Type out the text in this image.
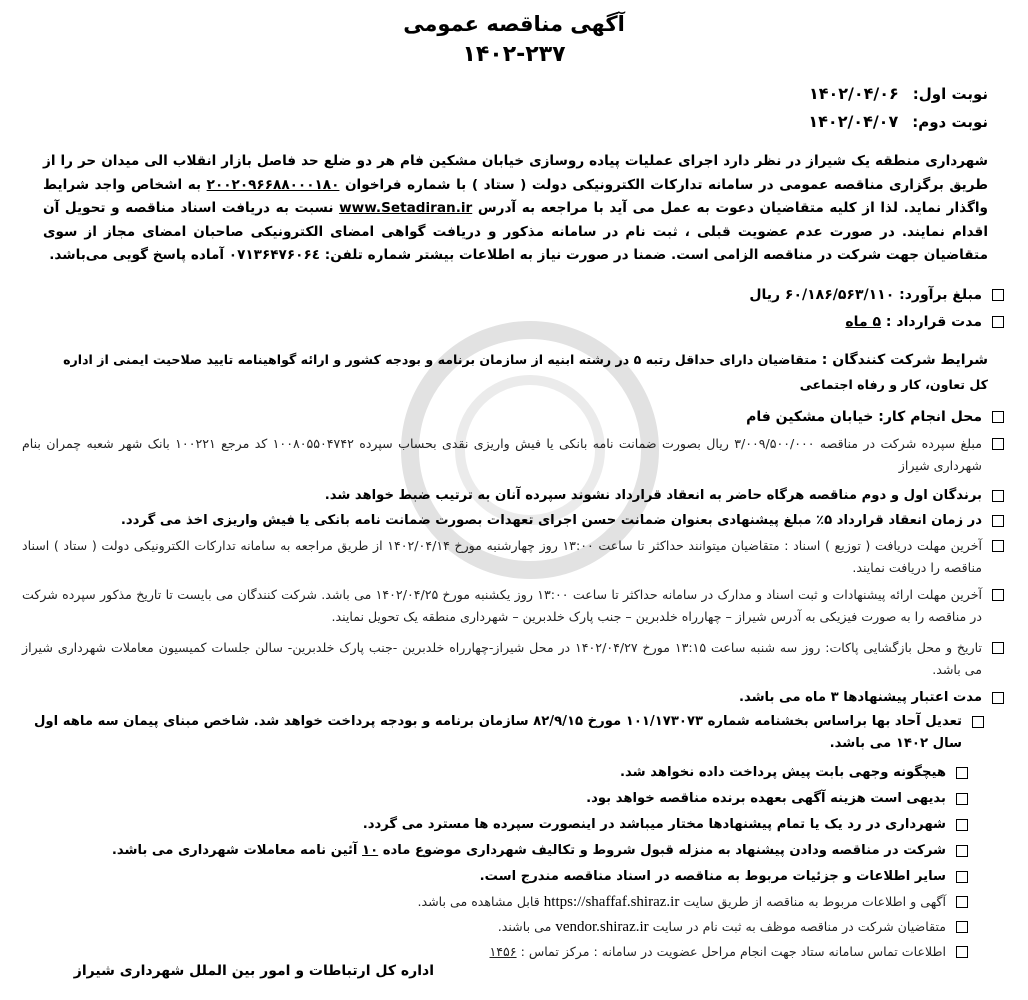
آگهی مناقصه عمومی
۱۴۰۲-۲۳۷
نوبت اول:۱۴۰۲/۰۴/۰۶
نوبت دوم:۱۴۰۲/۰۴/۰۷
شهرداری منطقه یک شیراز در نظر دارد اجرای عملیات پیاده روسازی خیابان مشکین فام هر دو ضلع حد فاصل بازار انقلاب الی میدان حر را از طریق برگزاری مناقصه عمومی در سامانه تدارکات الکترونیکی دولت ( ستاد ) با شماره فراخوان ۲۰۰۲۰۹۶۶۸۸۰۰۰۱۸۰ به اشخاص واجد شرایط واگذار نماید. لذا از کلیه متقاضیان دعوت به عمل می آید با مراجعه به آدرس www.Setadiran.ir نسبت به دریافت اسناد مناقصه و تحویل آن اقدام نمایند. در صورت عدم عضویت قبلی ، ثبت نام در سامانه مذکور و دریافت گواهی امضای الکترونیکی صاحبان امضای مجاز از سوی متقاضیان جهت شرکت در مناقصه الزامی است. ضمنا در صورت نیاز به اطلاعات بیشتر شماره تلفن: ۰۷۱۳۶۴۷۶۰۶٤ آماده پاسخ گویی می‌باشد.
مبلغ برآورد: ۶۰/۱۸۶/۵۶۳/۱۱۰ ریال
مدت قرارداد : ۵ ماه
شرایط شرکت کنندگان : متقاضیان دارای حداقل رتبه ۵ در رشته ابنیه از سازمان برنامه و بودجه کشور و ارائه گواهینامه تایید صلاحیت ایمنی از اداره کل تعاون، کار و رفاه اجتماعی
محل انجام کار: خیابان مشکین فام
مبلغ سپرده شرکت در مناقصه ۳/۰۰۹/۵۰۰/۰۰۰ ریال بصورت ضمانت نامه بانکی یا فیش واریزی نقدی بحساب سپرده ۱۰۰۸۰۵۵۰۴۷۴۲ کد مرجع ۱۰۰۲۲۱ بانک شهر شعبه چمران بنام شهرداری شیراز
برندگان اول و دوم مناقصه هرگاه حاضر به انعقاد قرارداد نشوند سپرده آنان به ترتیب ضبط خواهد شد.
در زمان انعقاد قرارداد ۵٪ مبلغ پیشنهادی بعنوان ضمانت حسن اجرای تعهدات بصورت ضمانت نامه بانکی یا فیش واریزی اخذ می گردد.
آخرین مهلت دریافت ( توزیع ) اسناد : متقاضیان میتوانند حداکثر تا ساعت ۱۳:۰۰ روز چهارشنبه مورخ ۱۴۰۲/۰۴/۱۴ از طریق مراجعه به سامانه تدارکات الکترونیکی دولت ( ستاد ) اسناد مناقصه را دریافت نمایند.
آخرین مهلت ارائه پیشنهادات و ثبت اسناد و مدارک در سامانه حداکثر تا ساعت ۱۳:۰۰ روز یکشنبه مورخ ۱۴۰۲/۰۴/۲۵ می باشد. شرکت کنندگان می بایست تا تاریخ مذکور سپرده شرکت در مناقصه را به صورت فیزیکی به آدرس شیراز – چهارراه خلدبرین – جنب پارک خلدبرین – شهرداری منطقه یک تحویل نمایند.
تاریخ و محل بازگشایی پاکات: روز سه شنبه ساعت ۱۳:۱۵ مورخ ۱۴۰۲/۰۴/۲۷ در محل شیراز-چهارراه خلدبرین -جنب پارک خلدبرین- سالن جلسات کمیسیون معاملات شهرداری شیراز می باشد.
مدت اعتبار پیشنهادها ۳ ماه می باشد.
تعدیل آحاد بها براساس بخشنامه شماره ۱۰۱/۱۷۳۰۷۳ مورخ ۸۲/۹/۱۵ سازمان برنامه و بودجه پرداخت خواهد شد. شاخص مبنای پیمان سه ماهه اول سال ۱۴۰۲ می باشد.
هیچگونه وجهی بابت پیش پرداخت داده نخواهد شد.
بدیهی است هزینه آگهی بعهده برنده مناقصه خواهد بود.
شهرداری در رد یک یا تمام پیشنهادها مختار میباشد در اینصورت سپرده ها مسترد می گردد.
شرکت در مناقصه ودادن پیشنهاد به منزله قبول شروط و تکالیف شهرداری موضوع ماده ۱۰ آئین نامه معاملات شهرداری می باشد.
سایر اطلاعات و جزئیات مربوط به مناقصه در اسناد مناقصه مندرج است.
آگهی و اطلاعات مربوط به مناقصه از طریق سایت https://shaffaf.shiraz.ir قابل مشاهده می باشد.
متقاضیان شرکت در مناقصه موظف به ثبت نام در سایت vendor.shiraz.ir می باشند.
اطلاعات تماس سامانه ستاد جهت انجام مراحل عضویت در سامانه : مرکز تماس : ۱۴۵۶
اداره کل ارتباطات و امور بین الملل شهرداری شیراز
